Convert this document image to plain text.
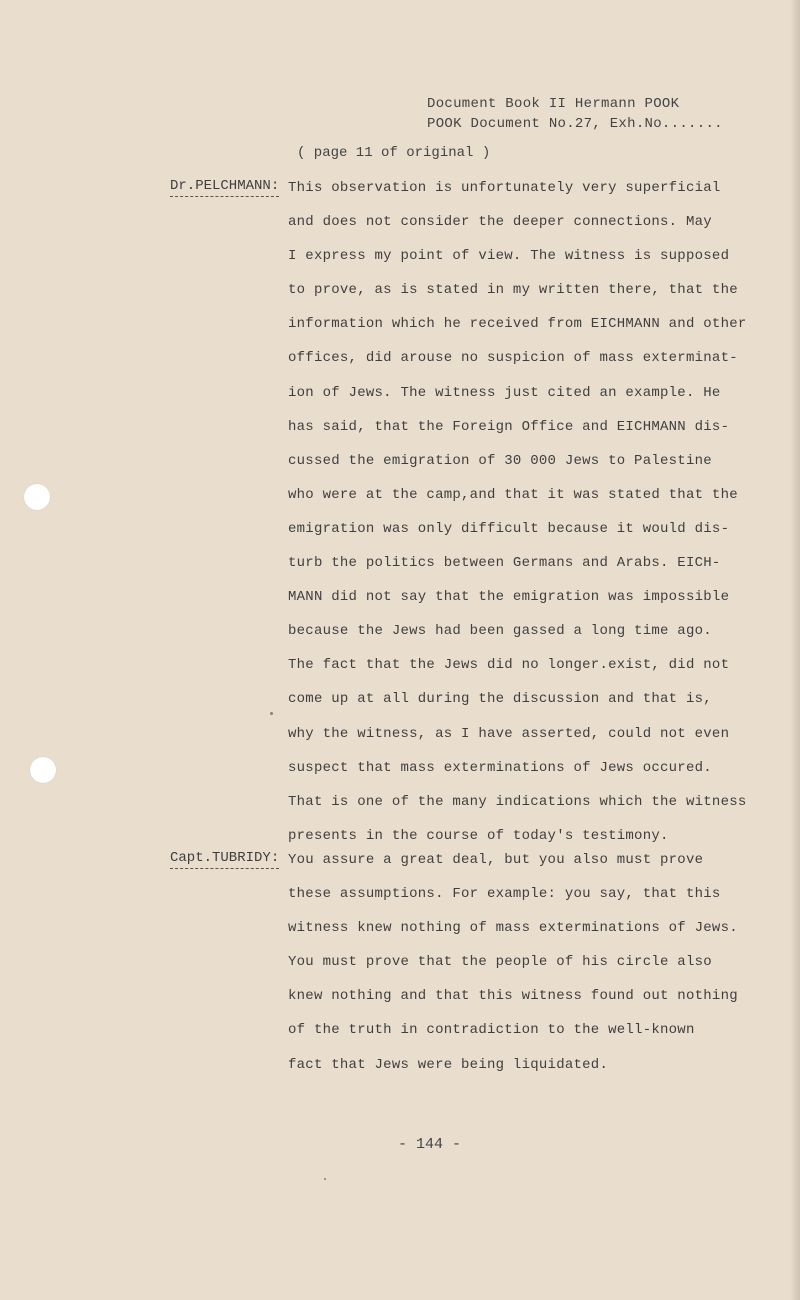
Document Book II Hermann POOK
POOK Document No.27, Exh.No.......
( page 11 of original )
Dr.PELCHMANN: This observation is unfortunately very superficial
and does not consider the deeper connections. May
I express my point of view. The witness is supposed
to prove, as is stated in my written there, that the
information which he received from EICHMANN and other
offices, did arouse no suspicion of mass exterminat-
ion of Jews. The witness just cited an example. He
has said, that the Foreign Office and EICHMANN dis-
cussed the emigration of 30 000 Jews to Palestine
who were at the camp,and that it was stated that the
emigration was only difficult because it would dis-
turb the politics between Germans and Arabs. EICH-
MANN did not say that the emigration was impossible
because the Jews had been gassed a long time ago.
The fact that the Jews did no longer.exist, did not
come up at all during the discussion and that is,
why the witness, as I have asserted, could not even
suspect that mass exterminations of Jews occured.
That is one of the many indications which the witness
presents in the course of today's testimony.
Capt.TUBRIDY: You assure a great deal, but you also must prove
these assumptions. For example: you say, that this
witness knew nothing of mass exterminations of Jews.
You must prove that the people of his circle also
knew nothing and that this witness found out nothing
of the truth in contradiction to the well-known
fact that Jews were being liquidated.
- 144 -
